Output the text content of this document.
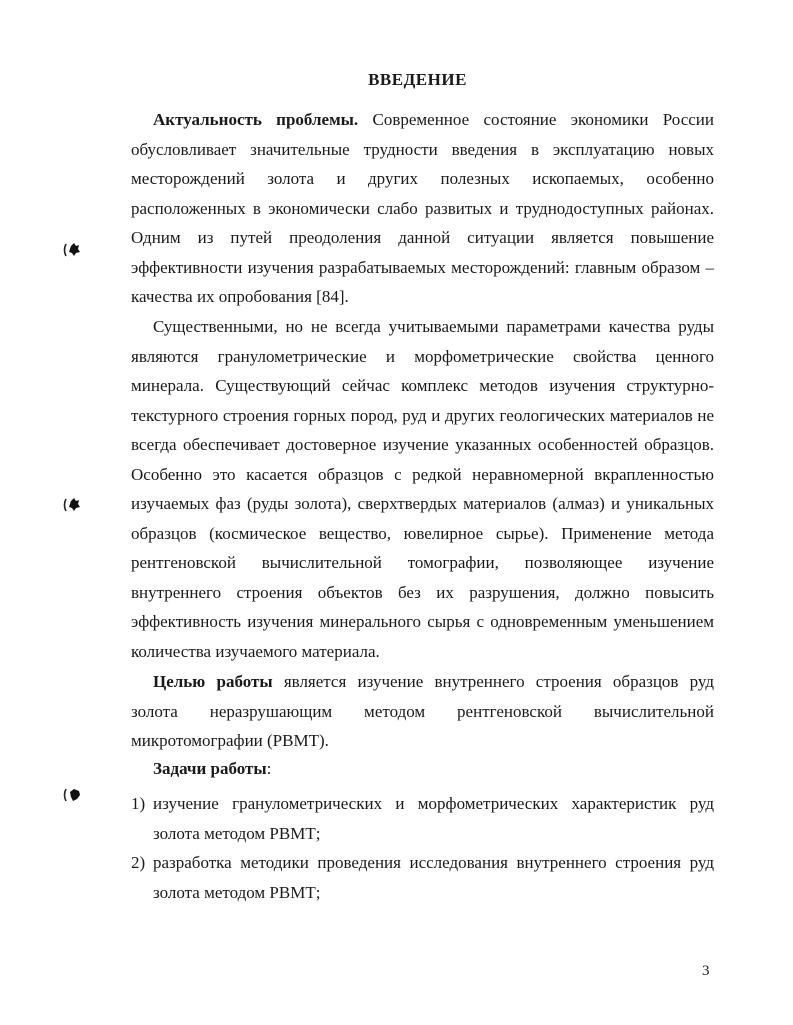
ВВЕДЕНИЕ

Актуальность проблемы. Современное состояние экономики России обусловливает значительные трудности введения в эксплуатацию новых месторождений золота и других полезных ископаемых, особенно расположенных в экономически слабо развитых и труднодоступных районах. Одним из путей преодоления данной ситуации является повышение эффективности изучения разрабатываемых месторождений: главным образом – качества их опробования [84].

Существенными, но не всегда учитываемыми параметрами качества руды являются гранулометрические и морфометрические свойства ценного минерала. Существующий сейчас комплекс методов изучения структурно-текстурного строения горных пород, руд и других геологических материалов не всегда обеспечивает достоверное изучение указанных особенностей образцов. Особенно это касается образцов с редкой неравномерной вкрапленностью изучаемых фаз (руды золота), сверхтвердых материалов (алмаз) и уникальных образцов (космическое вещество, ювелирное сырье). Применение метода рентгеновской вычислительной томографии, позволяющее изучение внутреннего строения объектов без их разрушения, должно повысить эффективность изучения минерального сырья с одновременным уменьшением количества изучаемого материала.

Целью работы является изучение внутреннего строения образцов руд золота неразрушающим методом рентгеновской вычислительной микротомографии (РВМТ).

Задачи работы:
1) изучение гранулометрических и морфометрических характеристик руд золота методом РВМТ;
2) разработка методики проведения исследования внутреннего строения руд золота методом РВМТ;
3
